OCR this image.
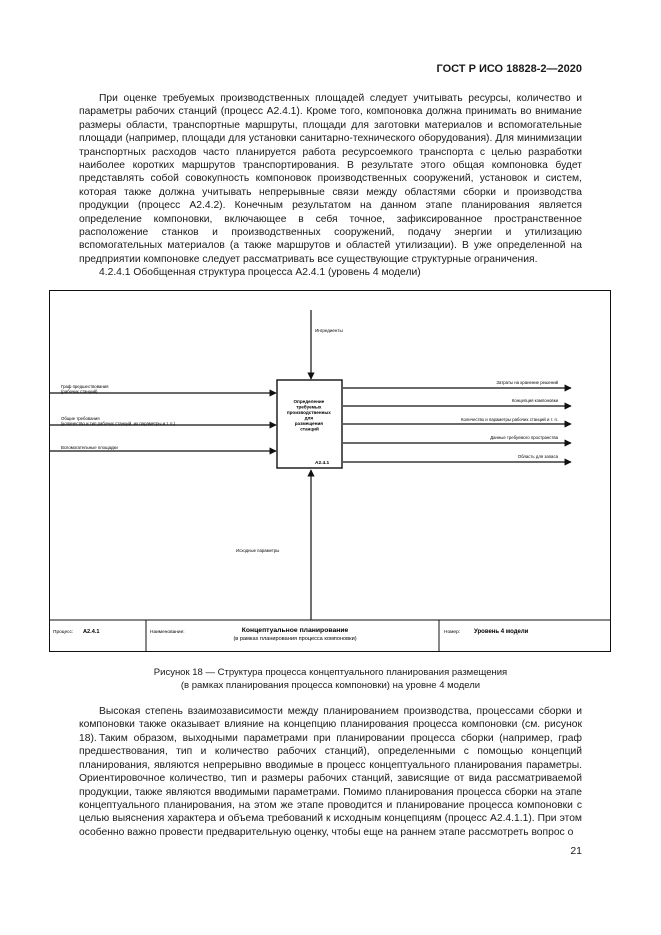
ГОСТ Р ИСО 18828-2—2020

При оценке требуемых производственных площадей следует учитывать ресурсы, количество и параметры рабочих станций (процесс А2.4.1). Кроме того, компоновка должна принимать во внимание размеры области, транспортные маршруты, площади для заготовки материалов и вспомогательные площади (например, площади для установки санитарно-технического оборудования). Для минимизации транспортных расходов часто планируется работа ресурсоемкого транспорта с целью разработки наиболее коротких маршрутов транспортирования. В результате этого общая компоновка будет представлять собой совокупность компоновок производственных сооружений, установок и систем, которая также должна учитывать непрерывные связи между областями сборки и производства продукции (процесс А2.4.2). Конечным результатом на данном этапе планирования является определение компоновки, включающее в себя точное, зафиксированное пространственное расположение станков и производственных сооружений, подачу энергии и утилизацию вспомогательных материалов (а также маршрутов и областей утилизации). В уже определенной на предприятии компоновке следует рассматривать все существующие структурные ограничения.

4.2.4.1 Обобщенная структура процесса А2.4.1 (уровень 4 модели)

Ингредиенты
Определение требуемых производственных для размещения станций
A2.4.1
Граф предшествования (рабочих станций)
Общие требования (количество и тип рабочих станций, их параметры и т. п.)
Вспомогательные площадки
Затраты на хранение решений
Концепция компоновки
Количество и параметры рабочих станций и т. п.
Данные требуемого пространства
Область для запаса
Исходные параметры
Процесс: А2.4.1	Наименование:	Концептуальное планирование
(в рамках планирования процесса компоновки)
Номер: Уровень 4 модели
Рисунок 18 — Структура процесса концептуального планирования размещения
(в рамках планирования процесса компоновки) на уровне 4 модели

Высокая степень взаимозависимости между планированием производства, процессами сборки и компоновки также оказывает влияние на концепцию планирования процесса компоновки (см. рисунок 18). Таким образом, выходными параметрами при планировании процесса сборки (например, граф предшествования, тип и количество рабочих станций), определенными с помощью концепций планирования, являются непрерывно вводимые в процесс концептуального планирования параметры. Ориентировочное количество, тип и размеры рабочих станций, зависящие от вида рассматриваемой продукции, также являются вводимыми параметрами. Помимо планирования процесса сборки на этапе концептуального планирования, на этом же этапе проводится и планирование процесса компоновки с целью выяснения характера и объема требований к исходным концепциям (процесс А2.4.1.1). При этом особенно важно провести предварительную оценку, чтобы еще на раннем этапе рассмотреть вопрос о

21
